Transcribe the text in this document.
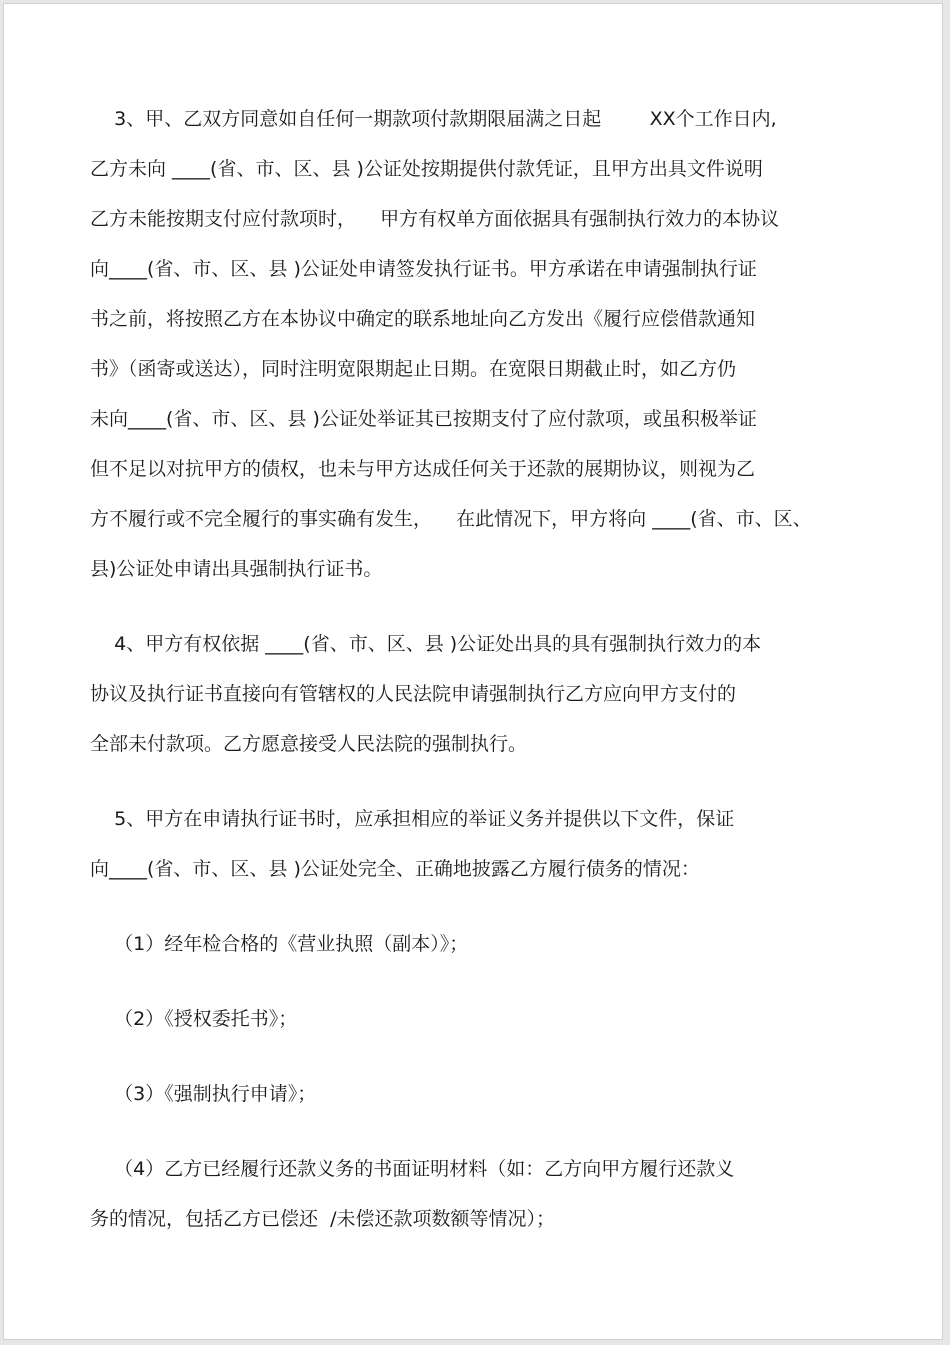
3、甲、乙双方同意如自任何一期款项付款期限届满之日起        XX个工作日内,

乙方未向 ____(省、市、区、县 )公证处按期提供付款凭证，且甲方出具文件说明

乙方未能按期支付应付款项时，    甲方有权单方面依据具有强制执行效力的本协议

向____(省、市、区、县 )公证处申请签发执行证书。甲方承诺在申请强制执行证

书之前，将按照乙方在本协议中确定的联系地址向乙方发出《履行应偿借款通知

书》（函寄或送达），同时注明宽限期起止日期。在宽限日期截止时，如乙方仍

未向____(省、市、区、县 )公证处举证其已按期支付了应付款项，或虽积极举证

但不足以对抗甲方的债权，也未与甲方达成任何关于还款的展期协议，则视为乙

方不履行或不完全履行的事实确有发生，    在此情况下，甲方将向 ____(省、市、区、

县)公证处申请出具强制执行证书。

4、甲方有权依据 ____(省、市、区、县 )公证处出具的具有强制执行效力的本

协议及执行证书直接向有管辖权的人民法院申请强制执行乙方应向甲方支付的

全部未付款项。乙方愿意接受人民法院的强制执行。

5、甲方在申请执行证书时，应承担相应的举证义务并提供以下文件，保证

向____(省、市、区、县 )公证处完全、正确地披露乙方履行债务的情况：

（1）经年检合格的《营业执照（副本）》；

（2）《授权委托书》；

（3）《强制执行申请》；

（4）乙方已经履行还款义务的书面证明材料（如：乙方向甲方履行还款义

务的情况，包括乙方已偿还  /未偿还款项数额等情况）；
